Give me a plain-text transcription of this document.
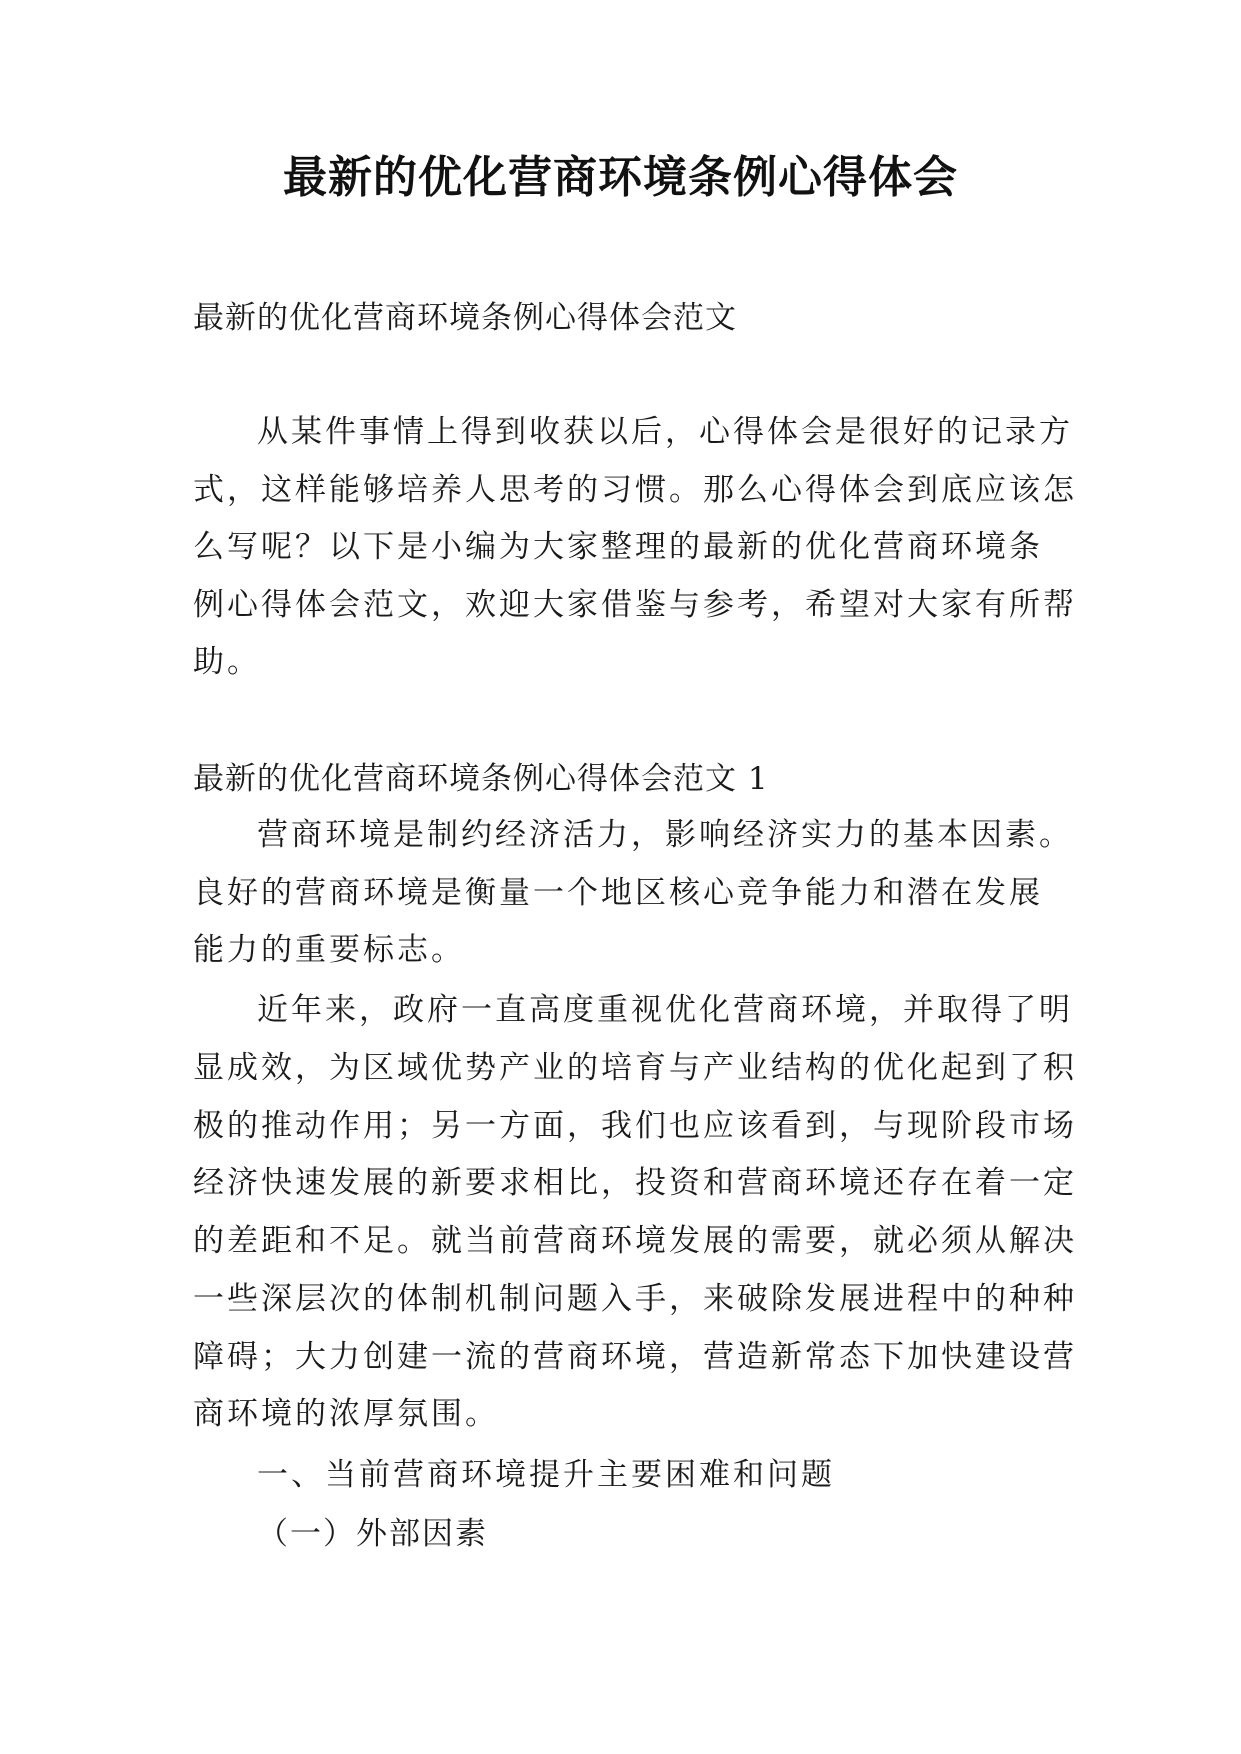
最新的优化营商环境条例心得体会
最新的优化营商环境条例心得体会范文
从某件事情上得到收获以后，心得体会是很好的记录方
式，这样能够培养人思考的习惯。那么心得体会到底应该怎
么写呢？以下是小编为大家整理的最新的优化营商环境条
例心得体会范文，欢迎大家借鉴与参考，希望对大家有所帮
助。
最新的优化营商环境条例心得体会范文 1
营商环境是制约经济活力，影响经济实力的基本因素。
良好的营商环境是衡量一个地区核心竞争能力和潜在发展
能力的重要标志。
近年来，政府一直高度重视优化营商环境，并取得了明
显成效，为区域优势产业的培育与产业结构的优化起到了积
极的推动作用；另一方面，我们也应该看到，与现阶段市场
经济快速发展的新要求相比，投资和营商环境还存在着一定
的差距和不足。就当前营商环境发展的需要，就必须从解决
一些深层次的体制机制问题入手，来破除发展进程中的种种
障碍；大力创建一流的营商环境，营造新常态下加快建设营
商环境的浓厚氛围。
一、当前营商环境提升主要困难和问题
（一）外部因素
